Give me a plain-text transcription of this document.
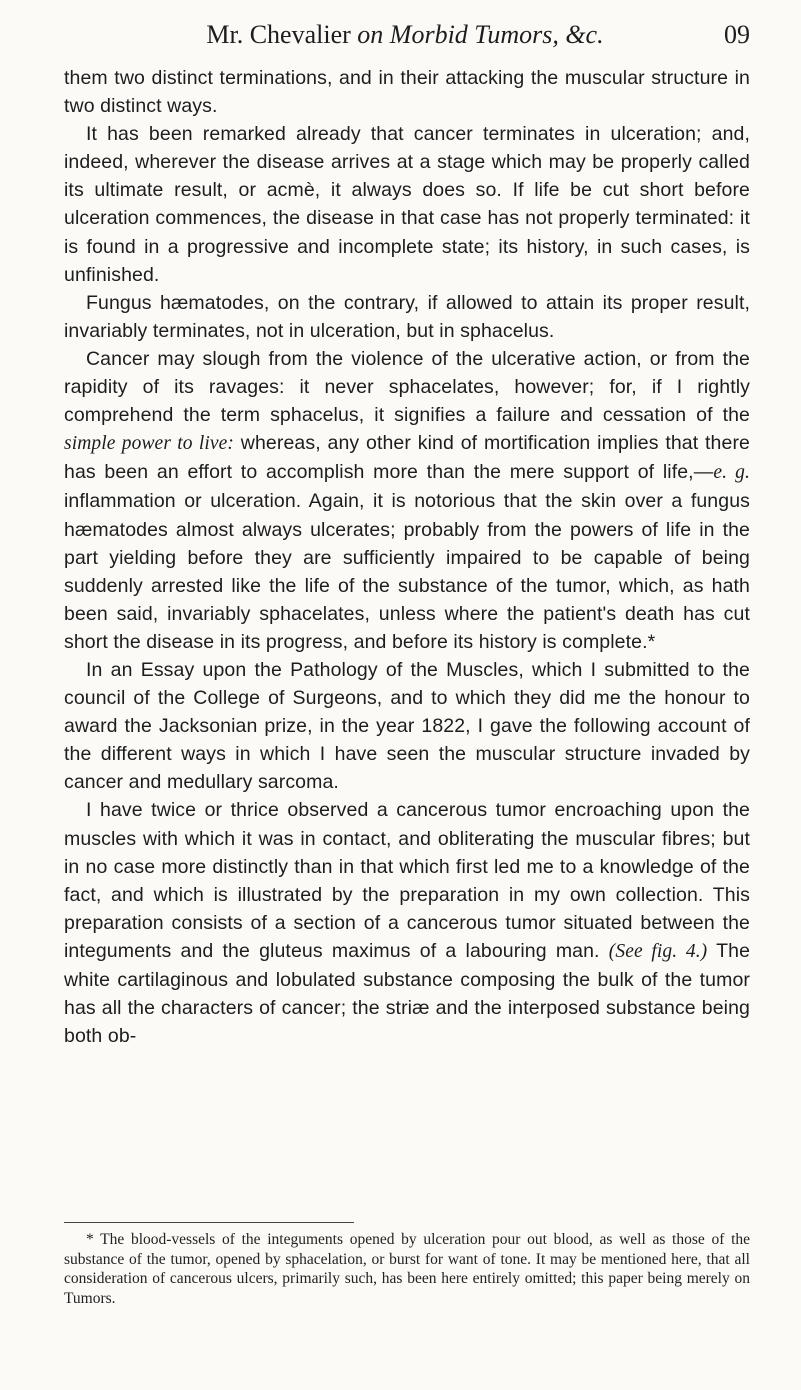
Mr. Chevalier on Morbid Tumors, &c.	09

them two distinct terminations, and in their attacking the muscular structure in two distinct ways.

It has been remarked already that cancer terminates in ulceration; and, indeed, wherever the disease arrives at a stage which may be properly called its ultimate result, or acmè, it always does so. If life be cut short before ulceration commences, the disease in that case has not properly terminated: it is found in a progressive and incomplete state; its history, in such cases, is unfinished.

Fungus hæmatodes, on the contrary, if allowed to attain its proper result, invariably terminates, not in ulceration, but in sphacelus.

Cancer may slough from the violence of the ulcerative action, or from the rapidity of its ravages: it never sphacelates, however; for, if I rightly comprehend the term sphacelus, it signifies a failure and cessation of the simple power to live: whereas, any other kind of mortification implies that there has been an effort to accomplish more than the mere support of life,—e. g. inflammation or ulceration. Again, it is notorious that the skin over a fungus hæmatodes almost always ulcerates; probably from the powers of life in the part yielding before they are sufficiently impaired to be capable of being suddenly arrested like the life of the substance of the tumor, which, as hath been said, invariably sphacelates, unless where the patient's death has cut short the disease in its progress, and before its history is complete.*

In an Essay upon the Pathology of the Muscles, which I submitted to the council of the College of Surgeons, and to which they did me the honour to award the Jacksonian prize, in the year 1822, I gave the following account of the different ways in which I have seen the muscular structure invaded by cancer and medullary sarcoma.

I have twice or thrice observed a cancerous tumor encroaching upon the muscles with which it was in contact, and obliterating the muscular fibres; but in no case more distinctly than in that which first led me to a knowledge of the fact, and which is illustrated by the preparation in my own collection. This preparation consists of a section of a cancerous tumor situated between the integuments and the gluteus maximus of a labouring man. (See fig. 4.) The white cartilaginous and lobulated substance composing the bulk of the tumor has all the characters of cancer; the striæ and the interposed substance being both ob-

* The blood-vessels of the integuments opened by ulceration pour out blood, as well as those of the substance of the tumor, opened by sphacelation, or burst for want of tone. It may be mentioned here, that all consideration of cancerous ulcers, primarily such, has been here entirely omitted; this paper being merely on Tumors.
